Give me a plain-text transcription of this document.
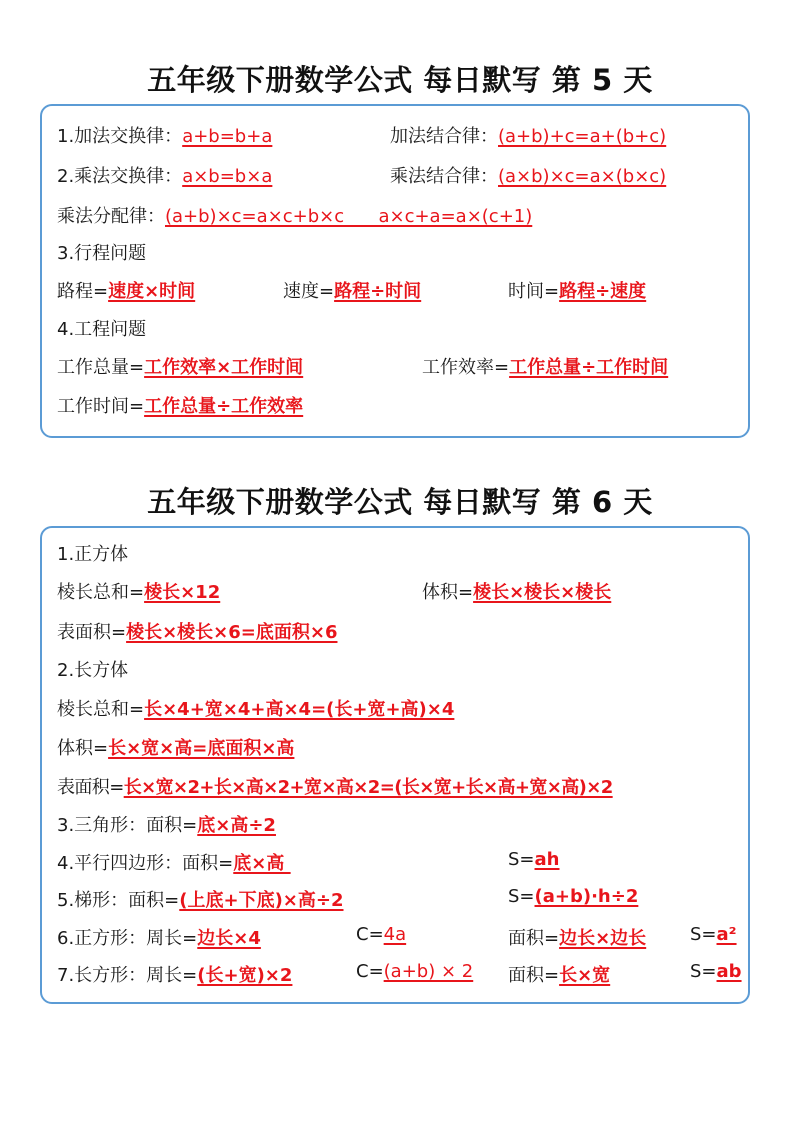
五年级下册数学公式 每日默写 第 5 天
1.加法交换律：a+b=b+a	加法结合律：(a+b)+c=a+(b+c)
2.乘法交换律：a×b=b×a	乘法结合律：(a×b)×c=a×(b×c)
乘法分配律：(a+b)×c=a×c+b×c      a×c+a=a×(c+1)
3.行程问题
路程=速度×时间	速度=路程÷时间	时间=路程÷速度
4.工程问题
工作总量=工作效率×工作时间	工作效率=工作总量÷工作时间
工作时间=工作总量÷工作效率
五年级下册数学公式 每日默写 第 6 天
1.正方体
棱长总和=棱长×12	体积=棱长×棱长×棱长
表面积=棱长×棱长×6=底面积×6
2.长方体
棱长总和=长×4+宽×4+高×4=(长+宽+高)×4
体积=长×宽×高=底面积×高
表面积=长×宽×2+长×高×2+宽×高×2=(长×宽+长×高+宽×高)×2
3.三角形：面积=底×高÷2
4.平行四边形：面积=底×高	S=ah
5.梯形：面积=(上底+下底)×高÷2	S=(a+b)·h÷2
6.正方形：周长=边长×4	C=4a	面积=边长×边长 S=a²
7.长方形：周长=(长+宽)×2	C=(a+b) × 2 面积=长×宽	S=ab
